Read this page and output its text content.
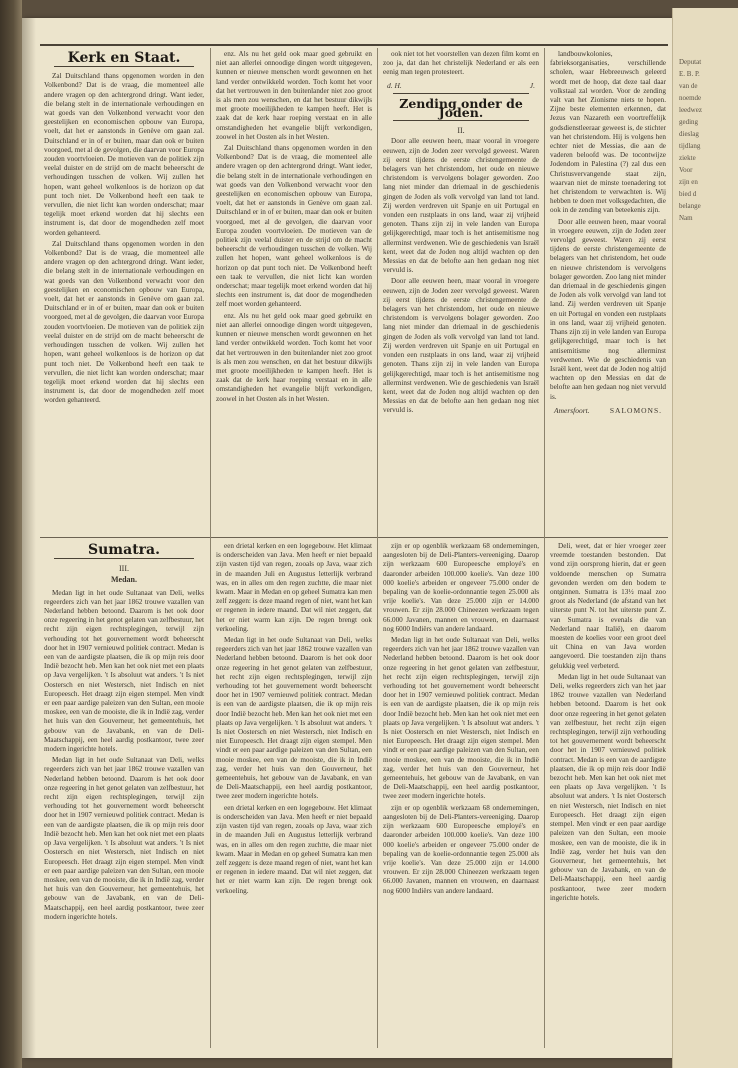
Deputat
E. B. P.
van de
noemde
leedwez
geding
dieslag
tijdlang
ziekte
Voor
zijn en
bied d
belange
Nam
Kerk en Staat.

Zal Duitschland thans opgenomen worden in den Volkenbond? Dat is de vraag, die momenteel alle andere vragen op den achtergrond dringt. Want ieder, die belang stelt in de internationale verhoudingen en wat goeds van den Volkenbond verwacht voor den geestelijken en economischen opbouw van Europa, voelt, dat het er aanstonds in Genève om gaan zal. Duitschland er in of er buiten, maar dan ook er buiten voorgoed, met al de gevolgen, die daarvan voor Europa zouden voortvloeien. De motieven van de politiek zijn veelal duister en de strijd om de macht beheerscht de verhoudingen tusschen de volken. Wij zullen het hopen, want geheel wolkenloos is de horizon op dat punt toch niet. De Volkenbond heeft een taak te vervullen, die niet licht kan worden onderschat; maar tegelijk moet erkend worden dat hij slechts een instrument is, dat door de mogendheden zelf moet worden gehanteerd.

Zal Duitschland thans opgenomen worden in den Volkenbond? Dat is de vraag, die momenteel alle andere vragen op den achtergrond dringt. Want ieder, die belang stelt in de internationale verhoudingen en wat goeds van den Volkenbond verwacht voor den geestelijken en economischen opbouw van Europa, voelt, dat het er aanstonds in Genève om gaan zal. Duitschland er in of er buiten, maar dan ook er buiten voorgoed, met al de gevolgen, die daarvan voor Europa zouden voortvloeien. De motieven van de politiek zijn veelal duister en de strijd om de macht beheerscht de verhoudingen tusschen de volken. Wij zullen het hopen, want geheel wolkenloos is de horizon op dat punt toch niet. De Volkenbond heeft een taak te vervullen, die niet licht kan worden onderschat; maar tegelijk moet erkend worden dat hij slechts een instrument is, dat door de mogendheden zelf moet worden gehanteerd.

enz. Als nu het geld ook maar goed gebruikt en niet aan allerlei onnoodige dingen wordt uitgegeven, kunnen er nieuwe menschen wordt gewonnen en het land verder ontwikkeld worden. Toch komt het voor dat het vertrouwen in den buitenlander niet zoo groot is als men zou wenschen, en dat het bestuur dikwijls met groote moeilijkheden te kampen heeft. Het is zaak dat de kerk haar roeping verstaat en in alle omstandigheden het evangelie blijft verkondigen, zoowel in het Oosten als in het Westen.

Zal Duitschland thans opgenomen worden in den Volkenbond? Dat is de vraag, die momenteel alle andere vragen op den achtergrond dringt. Want ieder, die belang stelt in de internationale verhoudingen en wat goeds van den Volkenbond verwacht voor den geestelijken en economischen opbouw van Europa, voelt, dat het er aanstonds in Genève om gaan zal. Duitschland er in of er buiten, maar dan ook er buiten voorgoed, met al de gevolgen, die daarvan voor Europa zouden voortvloeien. De motieven van de politiek zijn veelal duister en de strijd om de macht beheerscht de verhoudingen tusschen de volken. Wij zullen het hopen, want geheel wolkenloos is de horizon op dat punt toch niet. De Volkenbond heeft een taak te vervullen, die niet licht kan worden onderschat; maar tegelijk moet erkend worden dat hij slechts een instrument is, dat door de mogendheden zelf moet worden gehanteerd.

enz. Als nu het geld ook maar goed gebruikt en niet aan allerlei onnoodige dingen wordt uitgegeven, kunnen er nieuwe menschen wordt gewonnen en het land verder ontwikkeld worden. Toch komt het voor dat het vertrouwen in den buitenlander niet zoo groot is als men zou wenschen, en dat het bestuur dikwijls met groote moeilijkheden te kampen heeft. Het is zaak dat de kerk haar roeping verstaat en in alle omstandigheden het evangelie blijft verkondigen, zoowel in het Oosten als in het Westen.

ook niet tot het voorstellen van dezen film komt en zoo ja, dat dan het christelijk Nederland er als een eenig man tegen protesteert.

d. H.	J.
Zending onder de Joden.
II.

Door alle eeuwen heen, maar vooral in vroegere eeuwen, zijn de Joden zeer vervolgd geweest. Waren zij eerst tijdens de eerste christengemeente de belagers van het christendom, het oude en nieuwe christendom is vervolgens bolager geworden. Zoo lang niet minder dan driemaal in de geschiedenis gingen de Joden als volk vervolgd van land tot land. Zij werden verdreven uit Spanje en uit Portugal en vonden een rustplaats in ons land, waar zij vrijheid genoten. Thans zijn zij in vele landen van Europa gelijkgerechtigd, maar toch is het antisemitisme nog allerminst verdwenen. Wie de geschiedenis van Israël kent, weet dat de Joden nog altijd wachten op den Messias en dat de belofte aan hen gedaan nog niet vervuld is.

Door alle eeuwen heen, maar vooral in vroegere eeuwen, zijn de Joden zeer vervolgd geweest. Waren zij eerst tijdens de eerste christengemeente de belagers van het christendom, het oude en nieuwe christendom is vervolgens bolager geworden. Zoo lang niet minder dan driemaal in de geschiedenis gingen de Joden als volk vervolgd van land tot land. Zij werden verdreven uit Spanje en uit Portugal en vonden een rustplaats in ons land, waar zij vrijheid genoten. Thans zijn zij in vele landen van Europa gelijkgerechtigd, maar toch is het antisemitisme nog allerminst verdwenen. Wie de geschiedenis van Israël kent, weet dat de Joden nog altijd wachten op den Messias en dat de belofte aan hen gedaan nog niet vervuld is.

landbouwkolonies, fabrieksorganisaties, verschillende scholen, waar Hebreeuwsch geleerd wordt met de hoop, dat deze taal daar volkstaal zal worden. Voor de zending valt van het Zionisme niets te hopen. Zijne beste elementen erkennen, dat Jezus van Nazareth een voortreffelijk godsdienstleeraar geweest is, de stichter van het christendom. Hij is volgens hen echter niet de Messias, die aan de vaderen beloofd was. De tocontwijze Jodendom in Palestina (?) zal dus een Christusvervangende staat zijn, waarvan niet de minste toenadering tot het christendom te verwachten is. Wij hebben te doen met volksgedachten, die ook in de zending van beteekenis zijn.

Door alle eeuwen heen, maar vooral in vroegere eeuwen, zijn de Joden zeer vervolgd geweest. Waren zij eerst tijdens de eerste christengemeente de belagers van het christendom, het oude en nieuwe christendom is vervolgens bolager geworden. Zoo lang niet minder dan driemaal in de geschiedenis gingen de Joden als volk vervolgd van land tot land. Zij werden verdreven uit Spanje en uit Portugal en vonden een rustplaats in ons land, waar zij vrijheid genoten. Thans zijn zij in vele landen van Europa gelijkgerechtigd, maar toch is het antisemitisme nog allerminst verdwenen. Wie de geschiedenis van Israël kent, weet dat de Joden nog altijd wachten op den Messias en dat de belofte aan hen gedaan nog niet vervuld is.

Amersfoort.	SALOMONS.
Sumatra.
III.
Medan.

Medan ligt in het oude Sultanaat van Deli, welks regeerders zich van het jaar 1862 trouwe vazallen van Nederland hebben betoond. Daarom is het ook door onze regeering in het genot gelaten van zelfbestuur, het recht zijn eigen rechtsplegingen, terwijl zijn verhouding tot het gouvernement wordt beheerscht door het in 1907 vernieuwd politiek contract. Medan is een van de aardigste plaatsen, die ik op mijn reis door Indië bezocht heb. Men kan het ook niet met een plaats op Java vergelijken. 't Is absoluut wat anders. 't Is niet Oostersch en niet Westersch, niet Indisch en niet Europeesch. Het draagt zijn eigen stempel. Men vindt er een paar aardige paleizen van den Sultan, een mooie moskee, een van de mooiste, die ik in Indië zag, verder het huis van den Gouverneur, het gemeentehuis, het gebouw van de Javabank, en van de Deli-Maatschappij, een heel aardig postkantoor, twee zeer modern ingerichte hotels.

Medan ligt in het oude Sultanaat van Deli, welks regeerders zich van het jaar 1862 trouwe vazallen van Nederland hebben betoond. Daarom is het ook door onze regeering in het genot gelaten van zelfbestuur, het recht zijn eigen rechtsplegingen, terwijl zijn verhouding tot het gouvernement wordt beheerscht door het in 1907 vernieuwd politiek contract. Medan is een van de aardigste plaatsen, die ik op mijn reis door Indië bezocht heb. Men kan het ook niet met een plaats op Java vergelijken. 't Is absoluut wat anders. 't Is niet Oostersch en niet Westersch, niet Indisch en niet Europeesch. Het draagt zijn eigen stempel. Men vindt er een paar aardige paleizen van den Sultan, een mooie moskee, een van de mooiste, die ik in Indië zag, verder het huis van den Gouverneur, het gemeentehuis, het gebouw van de Javabank, en van de Deli-Maatschappij, een heel aardig postkantoor, twee zeer modern ingerichte hotels.

een drietal kerken en een logegebouw. Het klimaat is onderscheiden van Java. Men heeft er niet bepaald zijn vasten tijd van regen, zooals op Java, waar zich in de maanden Juli en Augustus letterlijk verbrand was, en in alles om den regen zuchtte, die maar niet kwam. Maar in Medan en op geheel Sumatra kan men zelf zeggen: is deze maand regen of niet, want het kan er regenen in iedere maand. Dat wil niet zeggen, dat het er niet warm kan zijn. De regen brengt ook verkoeling.

Medan ligt in het oude Sultanaat van Deli, welks regeerders zich van het jaar 1862 trouwe vazallen van Nederland hebben betoond. Daarom is het ook door onze regeering in het genot gelaten van zelfbestuur, het recht zijn eigen rechtsplegingen, terwijl zijn verhouding tot het gouvernement wordt beheerscht door het in 1907 vernieuwd politiek contract. Medan is een van de aardigste plaatsen, die ik op mijn reis door Indië bezocht heb. Men kan het ook niet met een plaats op Java vergelijken. 't Is absoluut wat anders. 't Is niet Oostersch en niet Westersch, niet Indisch en niet Europeesch. Het draagt zijn eigen stempel. Men vindt er een paar aardige paleizen van den Sultan, een mooie moskee, een van de mooiste, die ik in Indië zag, verder het huis van den Gouverneur, het gemeentehuis, het gebouw van de Javabank, en van de Deli-Maatschappij, een heel aardig postkantoor, twee zeer modern ingerichte hotels.

een drietal kerken en een logegebouw. Het klimaat is onderscheiden van Java. Men heeft er niet bepaald zijn vasten tijd van regen, zooals op Java, waar zich in de maanden Juli en Augustus letterlijk verbrand was, en in alles om den regen zuchtte, die maar niet kwam. Maar in Medan en op geheel Sumatra kan men zelf zeggen: is deze maand regen of niet, want het kan er regenen in iedere maand. Dat wil niet zeggen, dat het er niet warm kan zijn. De regen brengt ook verkoeling.

zijn er op ogenblik werkzaam 68 ondernemingen, aangesloten bij de Deli-Planters-vereeniging. Daarop zijn werkzaam 600 Europeesche employé's en daaronder arbeiden 100.000 koelie's. Van deze 100 000 koelie's arbeiden er ongeveer 75.000 onder de bepaling van de koelie-ordonnantie tegen 25.000 als vrije koelie's. Van deze 25.000 zijn er 14.000 vrouwen. Er zijn 28.000 Chineezen werkzaam tegen 66.000 Javanen, mannen en vrouwen, en daarnaast nog 6000 Indiërs van andere landaard.

Medan ligt in het oude Sultanaat van Deli, welks regeerders zich van het jaar 1862 trouwe vazallen van Nederland hebben betoond. Daarom is het ook door onze regeering in het genot gelaten van zelfbestuur, het recht zijn eigen rechtsplegingen, terwijl zijn verhouding tot het gouvernement wordt beheerscht door het in 1907 vernieuwd politiek contract. Medan is een van de aardigste plaatsen, die ik op mijn reis door Indië bezocht heb. Men kan het ook niet met een plaats op Java vergelijken. 't Is absoluut wat anders. 't Is niet Oostersch en niet Westersch, niet Indisch en niet Europeesch. Het draagt zijn eigen stempel. Men vindt er een paar aardige paleizen van den Sultan, een mooie moskee, een van de mooiste, die ik in Indië zag, verder het huis van den Gouverneur, het gemeentehuis, het gebouw van de Javabank, en van de Deli-Maatschappij, een heel aardig postkantoor, twee zeer modern ingerichte hotels.

zijn er op ogenblik werkzaam 68 ondernemingen, aangesloten bij de Deli-Planters-vereeniging. Daarop zijn werkzaam 600 Europeesche employé's en daaronder arbeiden 100.000 koelie's. Van deze 100 000 koelie's arbeiden er ongeveer 75.000 onder de bepaling van de koelie-ordonnantie tegen 25.000 als vrije koelie's. Van deze 25.000 zijn er 14.000 vrouwen. Er zijn 28.000 Chineezen werkzaam tegen 66.000 Javanen, mannen en vrouwen, en daarnaast nog 6000 Indiërs van andere landaard.

Deli, weet, dat er hier vroeger zeer vreemde toestanden bestonden. Dat vond zijn oorsprong hierin, dat er geen voldoende menschen op Sumatra gevonden werden om den bodem te ontginnen. Sumatra is 13½ maal zoo groot als Nederland (de afstand van het uiterste punt N. tot het uiterste punt Z. van Sumatra is evenals die van Nederland naar Italië), en daarom moesten de koelies voor een groot deel uit China en van Java worden aangevoerd. Die toestanden zijn thans gelukkig veel verbeterd.

Medan ligt in het oude Sultanaat van Deli, welks regeerders zich van het jaar 1862 trouwe vazallen van Nederland hebben betoond. Daarom is het ook door onze regeering in het genot gelaten van zelfbestuur, het recht zijn eigen rechtsplegingen, terwijl zijn verhouding tot het gouvernement wordt beheerscht door het in 1907 vernieuwd politiek contract. Medan is een van de aardigste plaatsen, die ik op mijn reis door Indië bezocht heb. Men kan het ook niet met een plaats op Java vergelijken. 't Is absoluut wat anders. 't Is niet Oostersch en niet Westersch, niet Indisch en niet Europeesch. Het draagt zijn eigen stempel. Men vindt er een paar aardige paleizen van den Sultan, een mooie moskee, een van de mooiste, die ik in Indië zag, verder het huis van den Gouverneur, het gemeentehuis, het gebouw van de Javabank, en van de Deli-Maatschappij, een heel aardig postkantoor, twee zeer modern ingerichte hotels.
